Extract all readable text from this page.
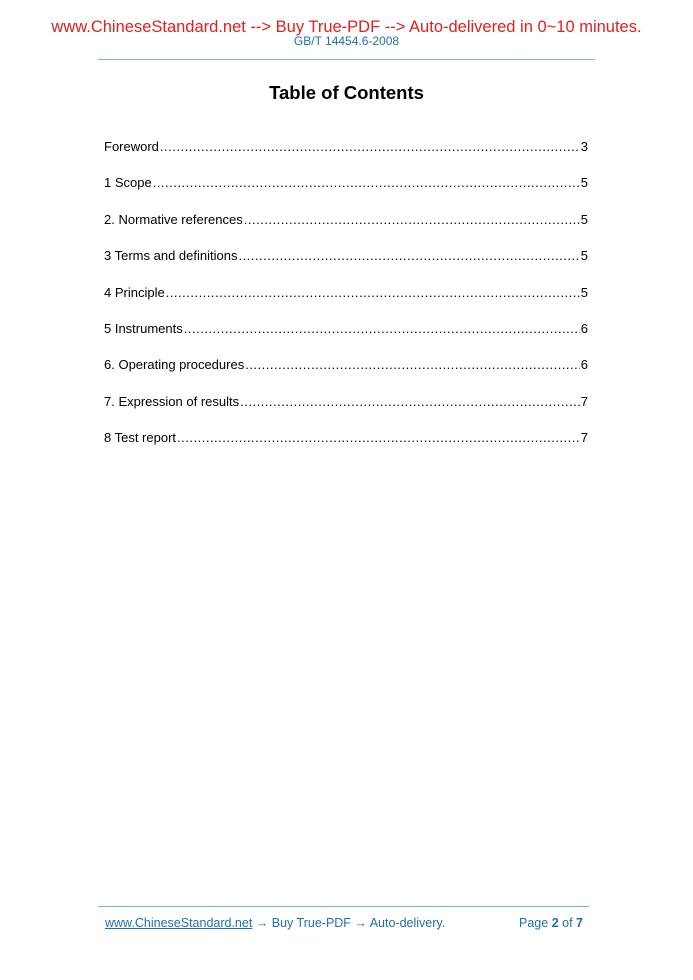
www.ChineseStandard.net --> Buy True-PDF --> Auto-delivered in 0~10 minutes.
GB/T 14454.6-2008
Table of Contents
Foreword .....	3
1 Scope .....	5
2. Normative references .....	5
3 Terms and definitions .....	5
4 Principle .....	5
5 Instruments .....	6
6. Operating procedures .....	6
7. Expression of results .....	7
8 Test report .....	7
www.ChineseStandard.net → Buy True-PDF → Auto-delivery.	Page 2 of 7
